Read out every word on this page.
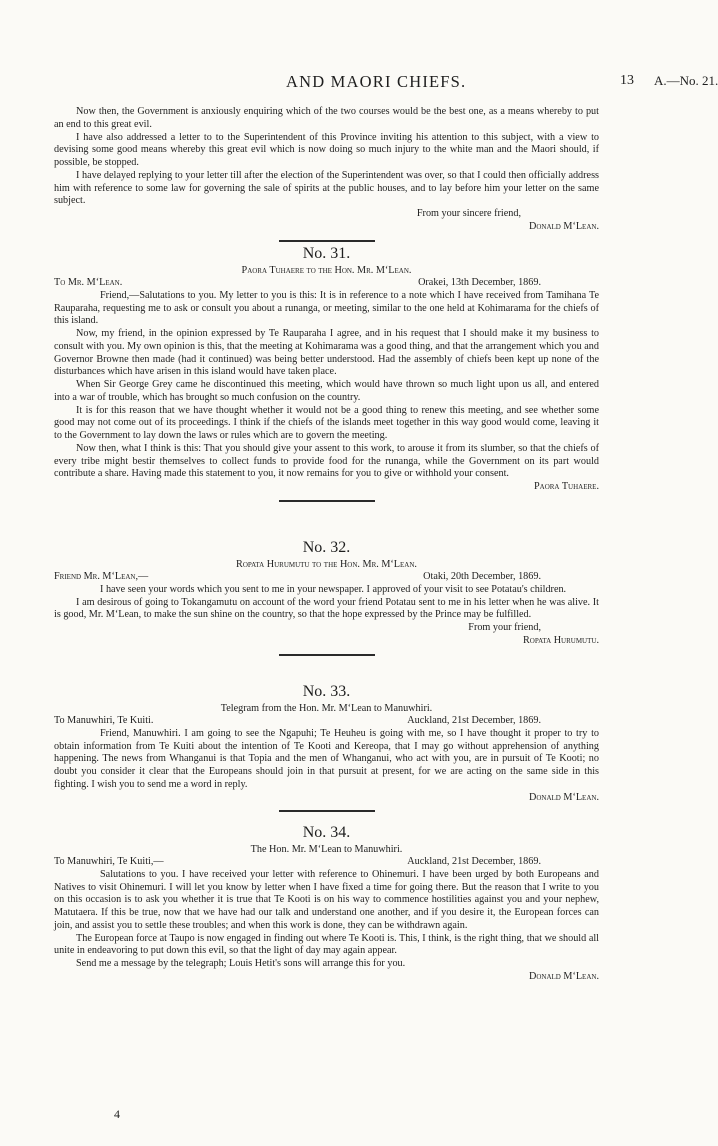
AND MAORI CHIEFS.	13 A.—No. 21.

Now then, the Government is anxiously enquiring which of the two courses would be the best one, as a means whereby to put an end to this great evil.

I have also addressed a letter to to the Superintendent of this Province inviting his attention to this subject, with a view to devising some good means whereby this great evil which is now doing so much injury to the white man and the Maori should, if possible, be stopped.

I have delayed replying to your letter till after the election of the Superintendent was over, so that I could then officially address him with reference to some law for governing the sale of spirits at the public houses, and to lay before him your letter on the same subject.

From your sincere friend,

Donald M‘Lean.

No. 31.

Paora Tuhaere to the Hon. Mr. M‘Lean.

To Mr. M‘Lean.	Orakei, 13th December, 1869.

Friend,—Salutations to you. My letter to you is this: It is in reference to a note which I have received from Tamihana Te Rauparaha, requesting me to ask or consult you about a runanga, or meeting, similar to the one held at Kohimarama for the chiefs of this island.

Now, my friend, in the opinion expressed by Te Rauparaha I agree, and in his request that I should make it my business to consult with you. My own opinion is this, that the meeting at Kohimarama was a good thing, and that the arrangement which you and Governor Browne then made (had it continued) was being better understood. Had the assembly of chiefs been kept up none of the disturbances which have arisen in this island would have taken place.

When Sir George Grey came he discontinued this meeting, which would have thrown so much light upon us all, and entered into a war of trouble, which has brought so much confusion on the country.

It is for this reason that we have thought whether it would not be a good thing to renew this meeting, and see whether some good may not come out of its proceedings. I think if the chiefs of the islands meet together in this way good would come, leaving it to the Government to lay down the laws or rules which are to govern the meeting.

Now then, what I think is this: That you should give your assent to this work, to arouse it from its slumber, so that the chiefs of every tribe might bestir themselves to collect funds to provide food for the runanga, while the Government on its part would contribute a share. Having made this statement to you, it now remains for you to give or withhold your consent.

Paora Tuhaere.

No. 32.

Ropata Hurumutu to the Hon. Mr. M‘Lean.

Friend Mr. M‘Lean,—	Otaki, 20th December, 1869.

I have seen your words which you sent to me in your newspaper. I approved of your visit to see Potatau's children.

I am desirous of going to Tokangamutu on account of the word your friend Potatau sent to me in his letter when he was alive. It is good, Mr. M‘Lean, to make the sun shine on the country, so that the hope expressed by the Prince may be fulfilled.

From your friend,

Ropata Hurumutu.

No. 33.

Telegram from the Hon. Mr. M‘Lean to Manuwhiri.

To Manuwhiri, Te Kuiti.	Auckland, 21st December, 1869.

Friend, Manuwhiri. I am going to see the Ngapuhi; Te Heuheu is going with me, so I have thought it proper to try to obtain information from Te Kuiti about the intention of Te Kooti and Kereopa, that I may go without apprehension of anything happening. The news from Whanganui is that Topia and the men of Whanganui, who act with you, are in pursuit of Te Kooti; no doubt you consider it clear that the Europeans should join in that pursuit at present, for we are acting on the same side in this fighting. I wish you to send me a word in reply.

Donald M‘Lean.

No. 34.

The Hon. Mr. M‘Lean to Manuwhiri.

To Manuwhiri, Te Kuiti,—	Auckland, 21st December, 1869.

Salutations to you. I have received your letter with reference to Ohinemuri. I have been urged by both Europeans and Natives to visit Ohinemuri. I will let you know by letter when I have fixed a time for going there. But the reason that I write to you on this occasion is to ask you whether it is true that Te Kooti is on his way to commence hostilities against you and your nephew, Matutaera. If this be true, now that we have had our talk and understand one another, and if you desire it, the European forces can join, and assist you to settle these troubles; and when this work is done, they can be withdrawn again.

The European force at Taupo is now engaged in finding out where Te Kooti is. This, I think, is the right thing, that we should all unite in endeavoring to put down this evil, so that the light of day may again appear.

Send me a message by the telegraph; Louis Hetit's sons will arrange this for you.

Donald M‘Lean.

4
